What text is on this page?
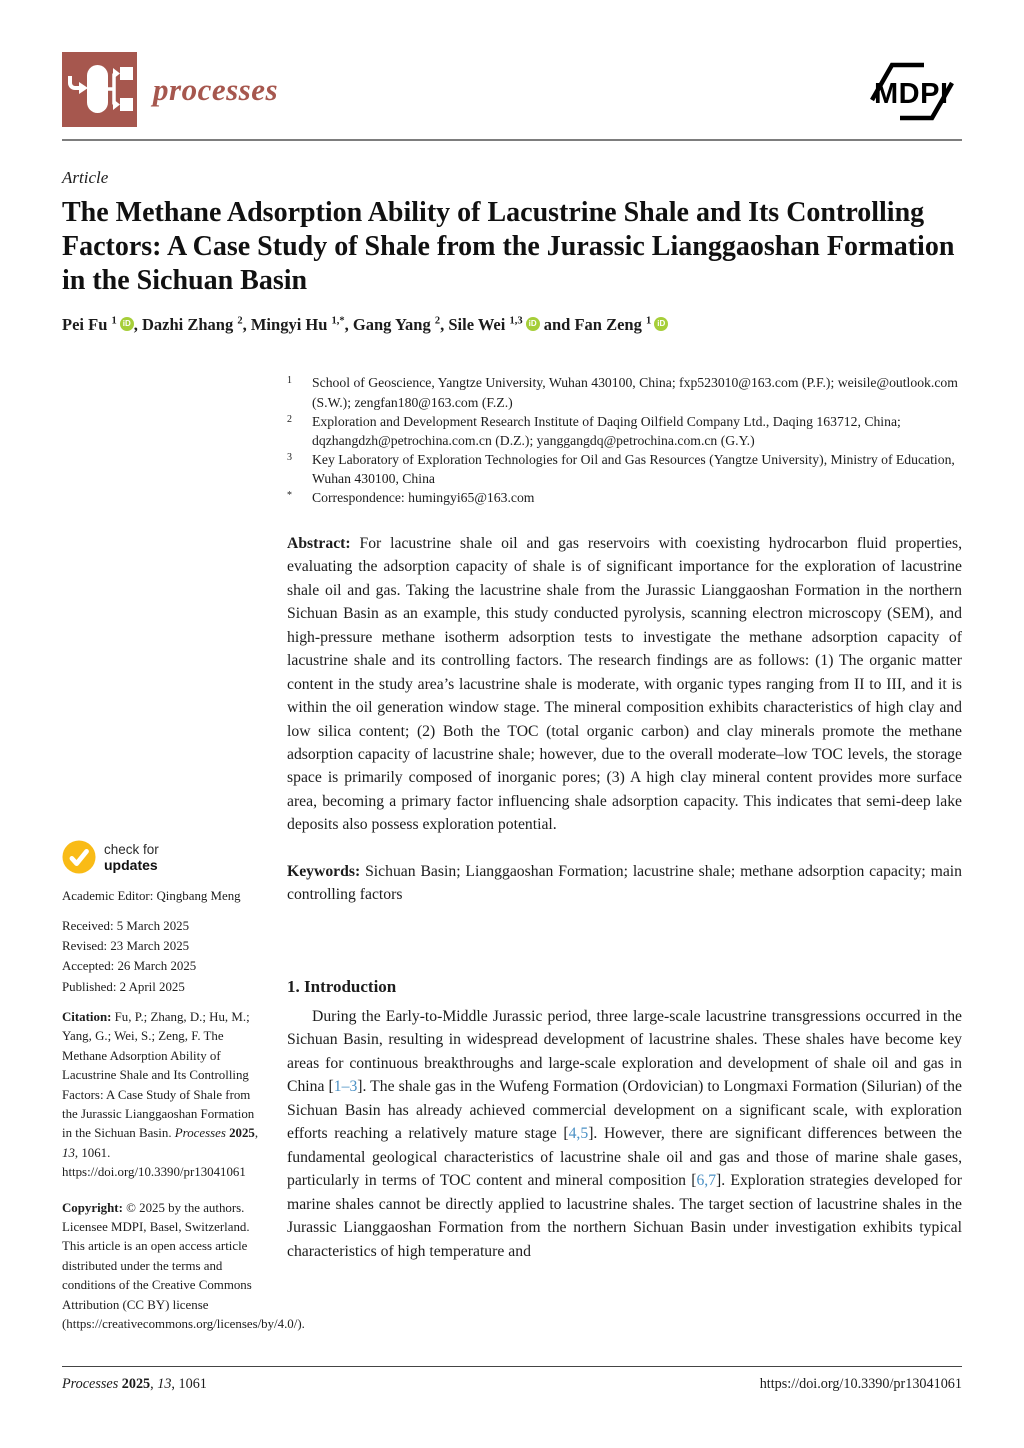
processes	MDPI
Article
The Methane Adsorption Ability of Lacustrine Shale and Its Controlling Factors: A Case Study of Shale from the Jurassic Lianggaoshan Formation in the Sichuan Basin
Pei Fu $^1$ iD , Dazhi Zhang $^2$, Mingyi Hu $^{1,*}$, Gang Yang $^2$, Sile Wei $^{1,3}$ iD and Fan Zeng $^1$ iD
check for
updates

Academic Editor: Qingbang Meng

Received: 5 March 2025

Revised: 23 March 2025

Accepted: 26 March 2025

Published: 2 April 2025

Citation: Fu, P.; Zhang, D.; Hu, M.; Yang, G.; Wei, S.; Zeng, F. The Methane Adsorption Ability of Lacustrine Shale and Its Controlling Factors: A Case Study of Shale from the Jurassic Lianggaoshan Formation in the Sichuan Basin. Processes 2025, 13, 1061. https://doi.org/10.3390/pr13041061

Copyright: © 2025 by the authors. Licensee MDPI, Basel, Switzerland. This article is an open access article distributed under the terms and conditions of the Creative Commons Attribution (CC BY) license (https://creativecommons.org/licenses/by/4.0/).

1	School of Geoscience, Yangtze University, Wuhan 430100, China; fxp523010@163.com (P.F.); weisile@outlook.com (S.W.); zengfan180@163.com (F.Z.)
2	Exploration and Development Research Institute of Daqing Oilfield Company Ltd., Daqing 163712, China; dqzhangdzh@petrochina.com.cn (D.Z.); yanggangdq@petrochina.com.cn (G.Y.)
3	Key Laboratory of Exploration Technologies for Oil and Gas Resources (Yangtze University), Ministry of Education, Wuhan 430100, China
*	Correspondence: humingyi65@163.com

Abstract: For lacustrine shale oil and gas reservoirs with coexisting hydrocarbon fluid properties, evaluating the adsorption capacity of shale is of significant importance for the exploration of lacustrine shale oil and gas. Taking the lacustrine shale from the Jurassic Lianggaoshan Formation in the northern Sichuan Basin as an example, this study conducted pyrolysis, scanning electron microscopy (SEM), and high-pressure methane isotherm adsorption tests to investigate the methane adsorption capacity of lacustrine shale and its controlling factors. The research findings are as follows: (1) The organic matter content in the study area’s lacustrine shale is moderate, with organic types ranging from II to III, and it is within the oil generation window stage. The mineral composition exhibits characteristics of high clay and low silica content; (2) Both the TOC (total organic carbon) and clay minerals promote the methane adsorption capacity of lacustrine shale; however, due to the overall moderate–low TOC levels, the storage space is primarily composed of inorganic pores; (3) A high clay mineral content provides more surface area, becoming a primary factor influencing shale adsorption capacity. This indicates that semi-deep lake deposits also possess exploration potential.

Keywords: Sichuan Basin; Lianggaoshan Formation; lacustrine shale; methane adsorption capacity; main controlling factors

1. Introduction

During the Early-to-Middle Jurassic period, three large-scale lacustrine transgressions occurred in the Sichuan Basin, resulting in widespread development of lacustrine shales. These shales have become key areas for continuous breakthroughs and large-scale exploration and development of shale oil and gas in China [1–3]. The shale gas in the Wufeng Formation (Ordovician) to Longmaxi Formation (Silurian) of the Sichuan Basin has already achieved commercial development on a significant scale, with exploration efforts reaching a relatively mature stage [4,5]. However, there are significant differences between the fundamental geological characteristics of lacustrine shale oil and gas and those of marine shale gases, particularly in terms of TOC content and mineral composition [6,7]. Exploration strategies developed for marine shales cannot be directly applied to lacustrine shales. The target section of lacustrine shales in the Jurassic Lianggaoshan Formation from the northern Sichuan Basin under investigation exhibits typical characteristics of high temperature and

Processes 2025, 13, 1061	https://doi.org/10.3390/pr13041061
